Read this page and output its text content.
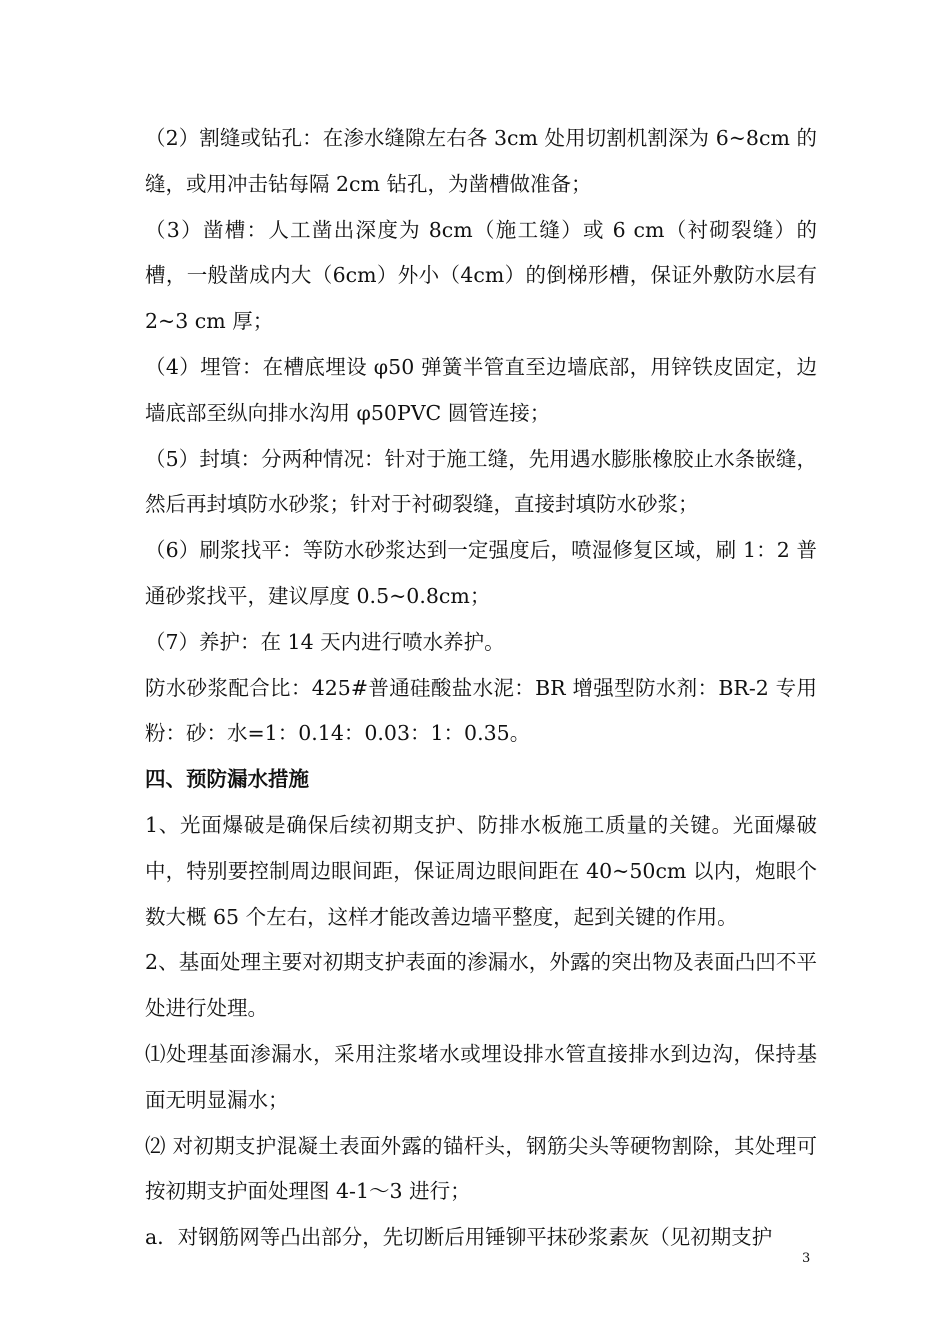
（2）割缝或钻孔：在渗水缝隙左右各 3cm 处用切割机割深为 6~8cm 的缝，或用冲击钻每隔 2cm 钻孔，为凿槽做准备；

（3）凿槽：人工凿出深度为 8cm（施工缝）或 6 cm（衬砌裂缝）的槽，一般凿成内大（6cm）外小（4cm）的倒梯形槽，保证外敷防水层有 2~3 cm 厚；

（4）埋管：在槽底埋设 φ50 弹簧半管直至边墙底部，用锌铁皮固定，边墙底部至纵向排水沟用 φ50PVC 圆管连接；

（5）封填：分两种情况：针对于施工缝，先用遇水膨胀橡胶止水条嵌缝，然后再封填防水砂浆；针对于衬砌裂缝，直接封填防水砂浆；

（6）刷浆找平：等防水砂浆达到一定强度后，喷湿修复区域，刷 1：2 普通砂浆找平，建议厚度 0.5~0.8cm；

（7）养护：在 14 天内进行喷水养护。

防水砂浆配合比：425#普通硅酸盐水泥：BR 增强型防水剂：BR-2 专用粉：砂：水=1：0.14：0.03：1：0.35。

四、预防漏水措施

1、光面爆破是确保后续初期支护、防排水板施工质量的关键。光面爆破中，特别要控制周边眼间距，保证周边眼间距在 40~50cm 以内，炮眼个数大概 65 个左右，这样才能改善边墙平整度，起到关键的作用。

2、基面处理主要对初期支护表面的渗漏水，外露的突出物及表面凸凹不平处进行处理。

⑴处理基面渗漏水，采用注浆堵水或埋设排水管直接排水到边沟，保持基面无明显漏水；

⑵ 对初期支护混凝土表面外露的锚杆头，钢筋尖头等硬物割除，其处理可按初期支护面处理图 4-1～3 进行；

a．对钢筋网等凸出部分，先切断后用锤铆平抹砂浆素灰（见初期支护

3
